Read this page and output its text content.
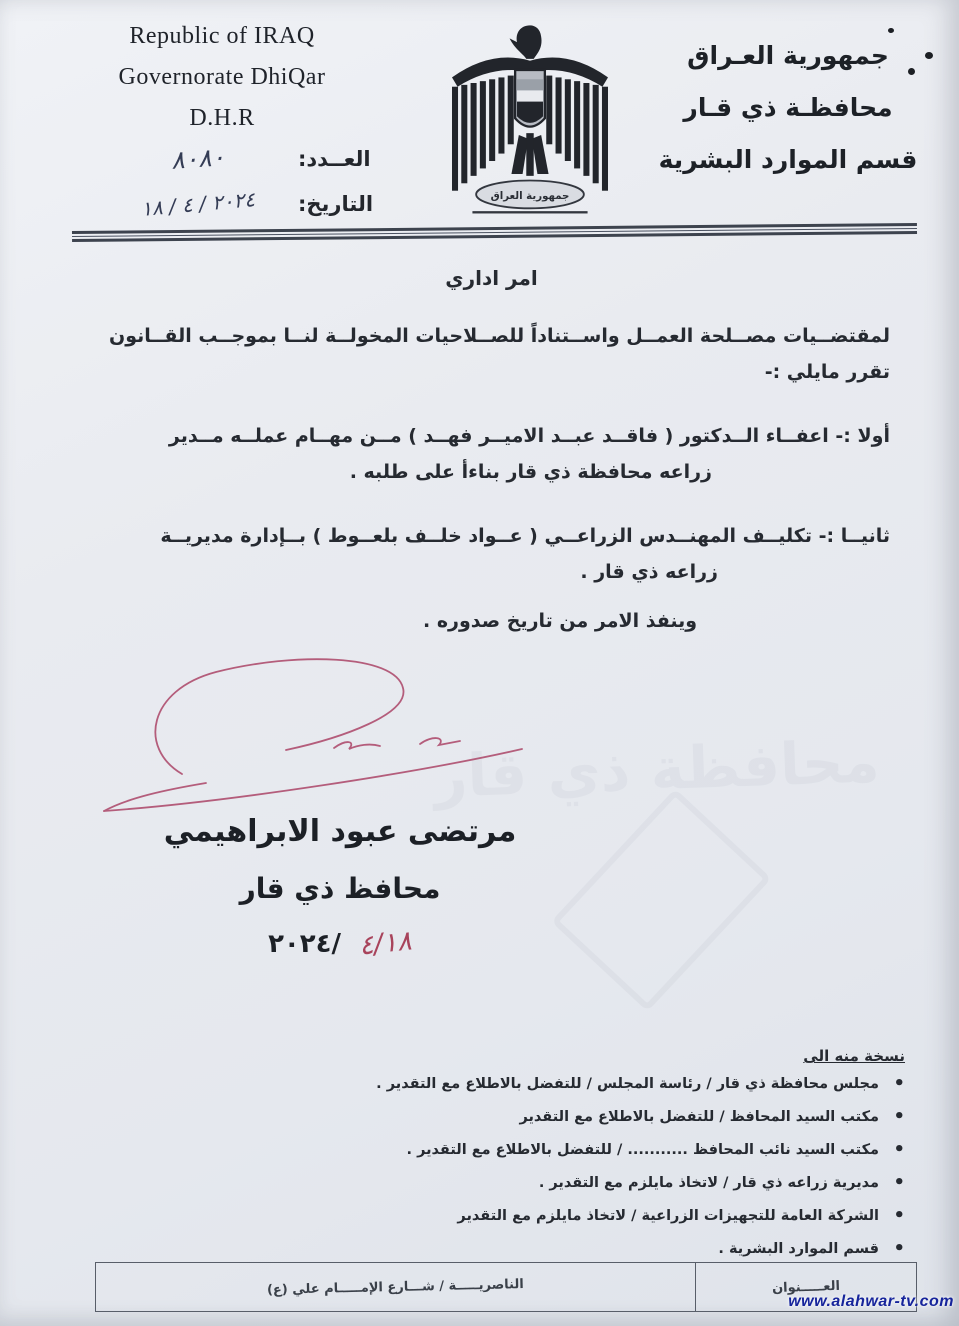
Republic of IRAQ
Governorate DhiQar
D.H.R
جمهورية العـراق
محافظـة ذي قـار
قسم الموارد البشرية
٨٠٨٠	العــدد:
٢٠٢٤ / ٤ / ١٨	التاريخ:	جمهورية العراق
امر اداري
لمقتضــيات مصــلحة العمــل واســتناداً للصــلاحيات المخولــة لنــا بموجــب القــانون
تقرر مايلي :-
أولا :- اعفــاء الــدكتور ( فاقــد عبــد الاميــر فهــد ) مــن مهــام عملــه مــدير
زراعه محافظة ذي قار بناءأ على طلبه .
ثانيــا :- تكليــف المهنــدس الزراعــي ( عــواد خلــف بلعــوط ) بــإدارة مديريــة
زراعه ذي قار .
وينفذ الامر من تاريخ صدوره .
محافظة ذي قار
مرتضى عبود الابراهيمي
محافظ ذي قار
٢٠٢٤/ ٤/١٨
نسخة منه الى
•
مجلس محافظة ذي قار / رئاسة المجلس / للتفضل بالاطلاع مع التقدير .
•
مكتب السيد المحافظ / للتفضل بالاطلاع مع التقدير
•
مكتب السيد نائب المحافظ ........... / للتفضل بالاطلاع مع التقدير .
•
مديرية زراعه ذي قار / لاتخاذ مايلزم مع التقدير .
•
الشركة العامة للتجهيزات الزراعية / لاتخاذ مايلزم مع التقدير
•
قسم الموارد البشرية .
الناصريـــــة / شـــارع الإمـــــام علي (ع)	العـــــنوان
www.alahwar-tv.com
